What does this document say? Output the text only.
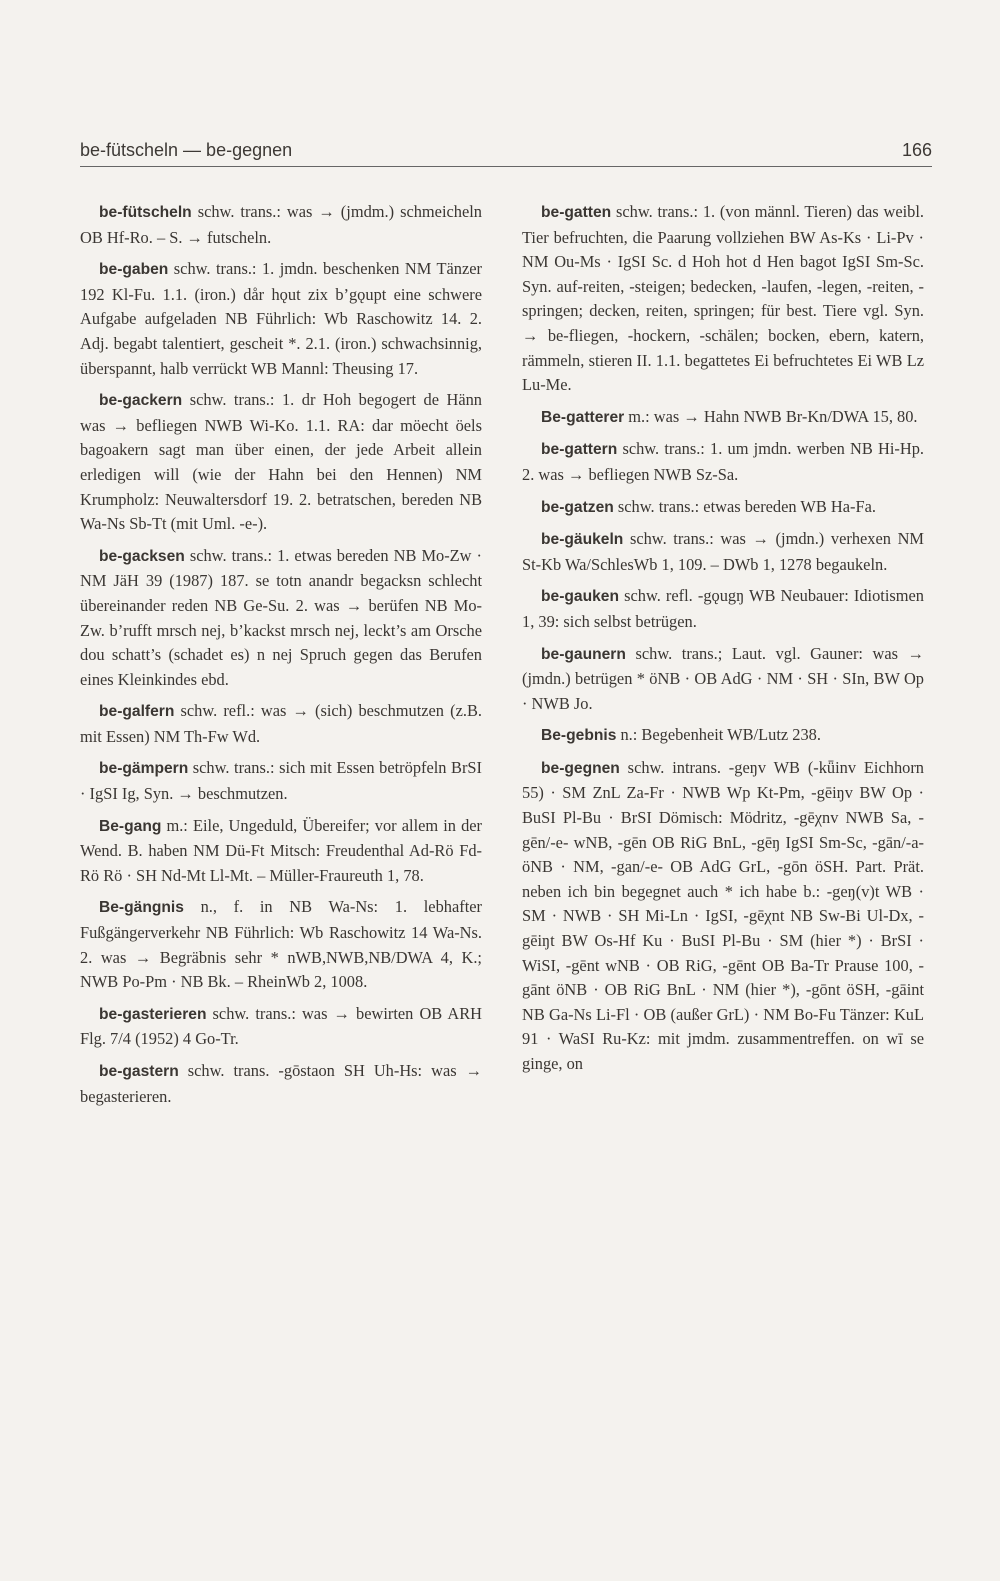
be-fütscheln — be-gegnen	166

be-fütscheln schw. trans.: was → (jmdm.) schmeicheln OB Hf-Ro. – S. → futscheln.

be-gaben schw. trans.: 1. jmdn. beschenken NM Tänzer 192 Kl-Fu. 1.1. (iron.) dår hǫut zix b’gǫupt eine schwere Aufgabe aufgeladen NB Führlich: Wb Raschowitz 14. 2. Adj. begabt talentiert, gescheit *. 2.1. (iron.) schwachsinnig, überspannt, halb verrückt WB Mannl: Theusing 17.

be-gackern schw. trans.: 1. dr Hoh begogert de Hänn was → befliegen NWB Wi-Ko. 1.1. RA: dar möecht öels bagoakern sagt man über einen, der jede Arbeit allein erledigen will (wie der Hahn bei den Hennen) NM Krumpholz: Neuwaltersdorf 19. 2. betratschen, bereden NB Wa-Ns Sb-Tt (mit Uml. -e-).

be-gacksen schw. trans.: 1. etwas bereden NB Mo-Zw · NM JäH 39 (1987) 187. se totn anandr begacksn schlecht übereinander reden NB Ge-Su. 2. was → berüfen NB Mo-Zw. b’rufft mrsch nej, b’kackst mrsch nej, leckt’s am Orsche dou schatt’s (schadet es) n nej Spruch gegen das Berufen eines Kleinkindes ebd.

be-galfern schw. refl.: was → (sich) beschmutzen (z.B. mit Essen) NM Th-Fw Wd.

be-gämpern schw. trans.: sich mit Essen betröpfeln BrSI · IgSI Ig, Syn. → beschmutzen.

Be-gang m.: Eile, Ungeduld, Übereifer; vor allem in der Wend. B. haben NM Dü-Ft Mitsch: Freudenthal Ad-Rö Fd-Rö Rö · SH Nd-Mt Ll-Mt. – Müller-Fraureuth 1, 78.

Be-gängnis n., f. in NB Wa-Ns: 1. lebhafter Fußgängerverkehr NB Führlich: Wb Raschowitz 14 Wa-Ns. 2. was → Begräbnis sehr * nWB,NWB,NB/DWA 4, K.; NWB Po-Pm · NB Bk. – RheinWb 2, 1008.

be-gasterieren schw. trans.: was → bewirten OB ARH Flg. 7/4 (1952) 4 Go-Tr.

be-gastern schw. trans. -gōstaon SH Uh-Hs: was → begasterieren.

be-gatten schw. trans.: 1. (von männl. Tieren) das weibl. Tier befruchten, die Paarung vollziehen BW As-Ks · Li-Pv · NM Ou-Ms · IgSI Sc. d Hoh hot d Hen bagot IgSI Sm-Sc. Syn. auf-reiten, -steigen; bedecken, -laufen, -legen, -reiten, -springen; decken, reiten, springen; für best. Tiere vgl. Syn. → be-fliegen, -hockern, -schälen; bocken, ebern, katern, rämmeln, stieren II. 1.1. begattetes Ei befruchtetes Ei WB Lz Lu-Me.

Be-gatterer m.: was → Hahn NWB Br-Kn/DWA 15, 80.

be-gattern schw. trans.: 1. um jmdn. werben NB Hi-Hp. 2. was → befliegen NWB Sz-Sa.

be-gatzen schw. trans.: etwas bereden WB Ha-Fa.

be-gäukeln schw. trans.: was → (jmdn.) verhexen NM St-Kb Wa/SchlesWb 1, 109. – DWb 1, 1278 begaukeln.

be-gauken schw. refl. -gǫugŋ WB Neubauer: Idiotismen 1, 39: sich selbst betrügen.

be-gaunern schw. trans.; Laut. vgl. Gauner: was → (jmdn.) betrügen * öNB · OB AdG · NM · SH · SIn, BW Op · NWB Jo.

Be-gebnis n.: Begebenheit WB/Lutz 238.

be-gegnen schw. intrans. -geŋv WB (-kǖinv Eichhorn 55) · SM ZnL Za-Fr · NWB Wp Kt-Pm, -gēiŋv BW Op · BuSI Pl-Bu · BrSI Dömisch: Mödritz, -gēχnv NWB Sa, -gēn/-e- wNB, -gēn OB RiG BnL, -gēŋ IgSI Sm-Sc, -gān/-a- öNB · NM, -gan/-e- OB AdG GrL, -gōn öSH. Part. Prät. neben ich bin begegnet auch * ich habe b.: -geŋ(v)t WB · SM · NWB · SH Mi-Ln · IgSI, -gēχnt NB Sw-Bi Ul-Dx, -gēiŋt BW Os-Hf Ku · BuSI Pl-Bu · SM (hier *) · BrSI · WiSI, -gēnt wNB · OB RiG, -gēnt OB Ba-Tr Prause 100, -gānt öNB · OB RiG BnL · NM (hier *), -gōnt öSH, -gāint NB Ga-Ns Li-Fl · OB (außer GrL) · NM Bo-Fu Tänzer: KuL 91 · WaSI Ru-Kz: mit jmdm. zusammentreffen. on wī se ginge, on
